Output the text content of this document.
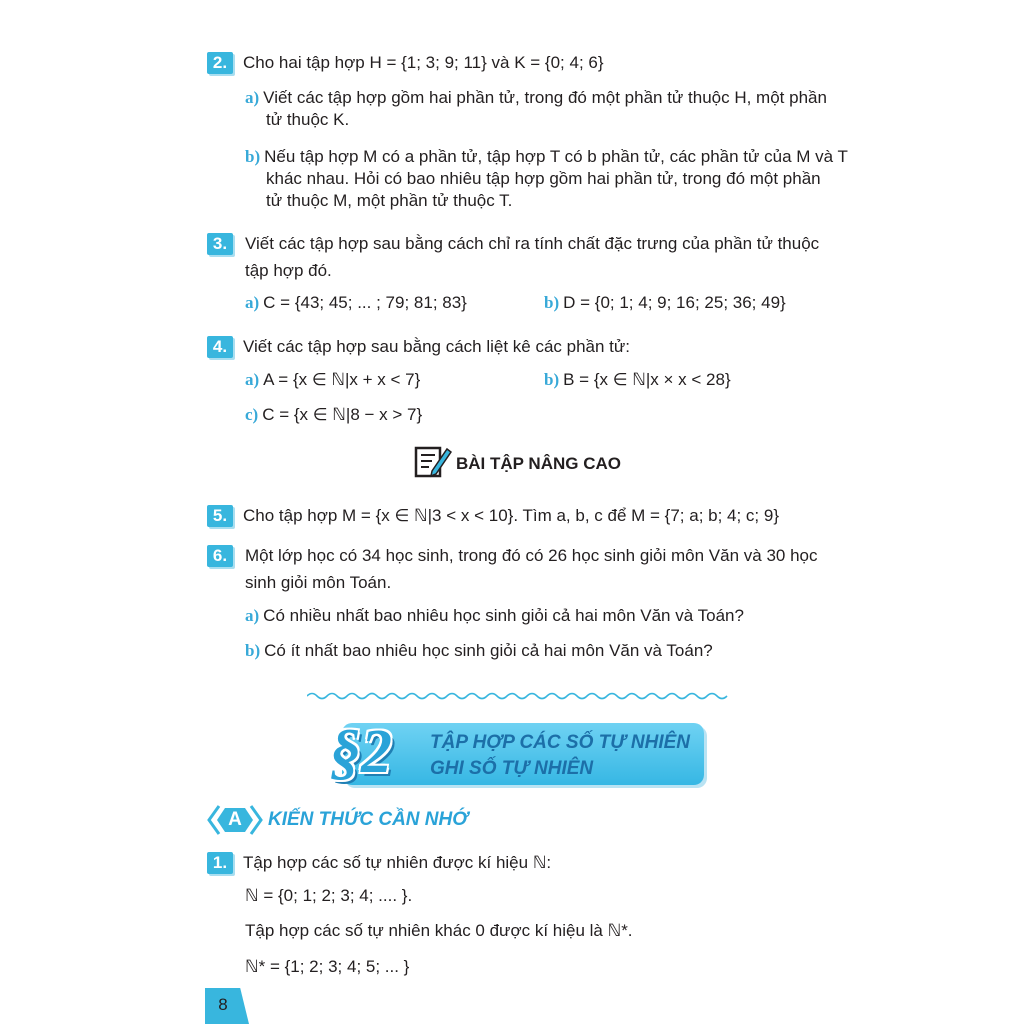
2. Cho hai tập hợp H = {1; 3; 9; 11} và K = {0; 4; 6}
a) Viết các tập hợp gồm hai phần tử, trong đó một phần tử thuộc H, một phần
tử thuộc K.
b) Nếu tập hợp M có a phần tử, tập hợp T có b phần tử, các phần tử của M và T
khác nhau. Hỏi có bao nhiêu tập hợp gồm hai phần tử, trong đó một phần
tử thuộc M, một phần tử thuộc T.
3.	Viết các tập hợp sau bằng cách chỉ ra tính chất đặc trưng của phần tử thuộc
tập hợp đó.
a) C = {43; 45; ... ; 79; 81; 83}	b) D = {0; 1; 4; 9; 16; 25; 36; 49}
4. Viết các tập hợp sau bằng cách liệt kê các phần tử:
a) A = {x ∈ ℕ|x + x < 7}	b) B = {x ∈ ℕ|x × x < 28}
c) C = {x ∈ ℕ|8 − x > 7}
BÀI TẬP NÂNG CAO
5. Cho tập hợp M = {x ∈ ℕ|3 < x < 10}. Tìm a, b, c để M = {7; a; b; 4; c; 9}
6.	Một lớp học có 34 học sinh, trong đó có 26 học sinh giỏi môn Văn và 30 học
sinh giỏi môn Toán.
a) Có nhiều nhất bao nhiêu học sinh giỏi cả hai môn Văn và Toán?
b) Có ít nhất bao nhiêu học sinh giỏi cả hai môn Văn và Toán?
§2 TẬP HỢP CÁC SỐ TỰ NHIÊN
GHI SỐ TỰ NHIÊN
A	KIẾN THỨC CẦN NHỚ
1. Tập hợp các số tự nhiên được kí hiệu ℕ:
ℕ = {0; 1; 2; 3; 4; .... }.
Tập hợp các số tự nhiên khác 0 được kí hiệu là ℕ*.
ℕ* = {1; 2; 3; 4; 5; ... }
8
